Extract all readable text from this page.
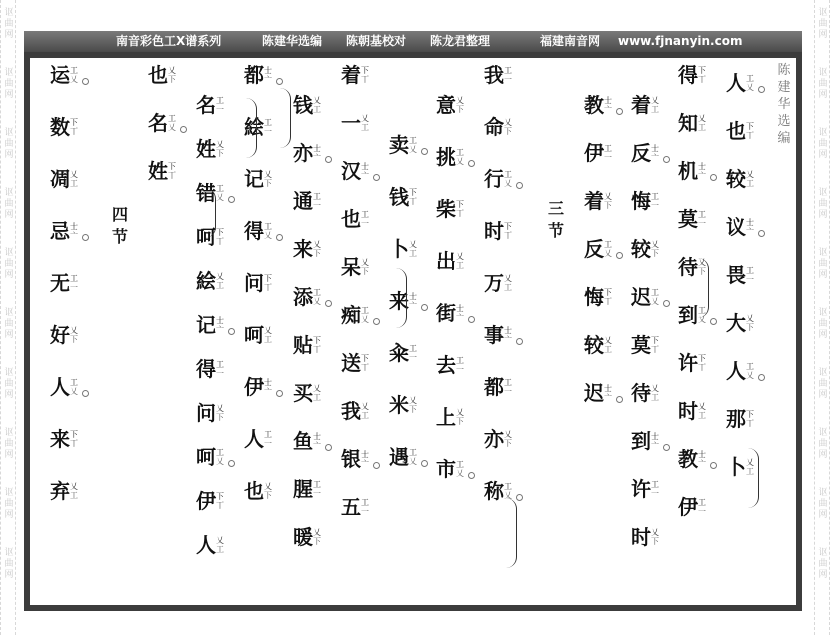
讴
曲
网
讴
曲
网
讴
曲
网
讴
曲
网
讴
曲
网
讴
曲
网
讴
曲
网
讴
曲
网
讴
曲
网
讴
曲
网
讴
曲
网
讴
曲
网
讴
曲
网
讴
曲
网
讴
曲
网
讴
曲
网
讴
曲
网
讴
曲
网
讴
曲
网
讴
曲
网
南音彩色工X谱系列	陈建华选编 陈朝基校对 陈龙君整理	福建南音网 www.fjnanyin.com
陈建华选编
三节
四节
人 工
乂
也 下
丅
较 乂
工
议 士
亠
畏 工
一
大 乂
下
人 工
乂
那 下
丅
卜 乂
工
得 下
丅
知 乂
工
机 士
亠
莫 工
一
待 乂
下
到 工
乂
许 下
丅
时 乂
工
教 士
亠
伊 工
一
着 乂
工
反 士
亠
悔 工
一
较 乂
下
迟 工
乂
莫 下
丅
待 乂
工
到 士
亠
许 工
一
时 乂
下
教 士
亠
伊 工
一
着 乂
下
反 工
乂
悔 下
丅
较 乂
工
迟 士
亠
我 工
一
命 乂
下
行 工
乂
时 下
丅
万 乂
工
事 士
亠
都 工
一
亦 乂
下
称 工
乂
意 乂
下
挑 工
乂
柴 下
丅
出 乂
工
街 士
亠
去 工
一
上 乂
下
市 工
乂
卖 工
乂
钱 下
丅
卜 乂
工
来 士
亠
籴 工
一
米 乂
下
遇 工
乂
着 下
丅
一 乂
工
汉 士
亠
也 工
一
呆 乂
下
痴 工
乂
送 下
丅
我 乂
工
银 士
亠
五 工
一
钱 乂
工
亦 士
亠
通 工
一
来 乂
下
添 工
乂
贴 下
丅
买 乂
工
鱼 士
亠
腥 工
一
暖 乂
下
都 士
亠
絵 工
一
记 乂
下
得 工
乂
问 下
丅
呵 乂
工
伊 士
亠
人 工
一
也 乂
下
名 工
一
姓 乂
下
错 工
乂
呵 下
丅
絵 乂
工
记 士
亠
得 工
一
问 乂
下
呵 工
乂
伊 下
丅
人 乂
工
也 乂
下
名 工
乂
姓 下
丅
运 工
乂
数 下
丅
凋 乂
工
忌 士
亠
无 工
一
好 乂
下
人 工
乂
来 下
丅
弃 乂
工
